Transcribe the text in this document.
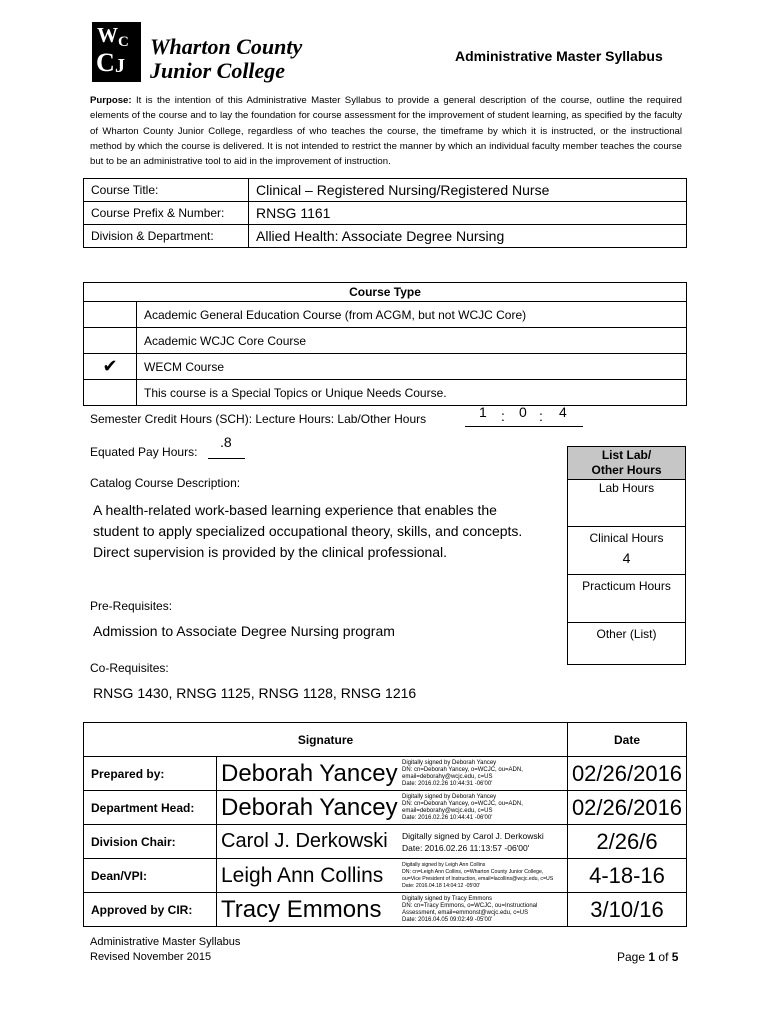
W C
C J
Wharton County
Junior College
Administrative Master Syllabus
Purpose: It is the intention of this Administrative Master Syllabus to provide a general description of the course, outline the required elements of the course and to lay the foundation for course assessment for the improvement of student learning, as specified by the faculty of Wharton County Junior College, regardless of who teaches the course, the timeframe by which it is instructed, or the instructional method by which the course is delivered. It is not intended to restrict the manner by which an individual faculty member teaches the course but to be an administrative tool to aid in the improvement of instruction.
Course Title:	Clinical – Registered Nursing/Registered Nurse
Course Prefix & Number:	RNSG 1161
Division & Department:	Allied Health: Associate Degree Nursing
Course Type	
	Academic General Education Course (from ACGM, but not WCJC Core)
	Academic WCJC Core Course
✔	WECM Course
	This course is a Special Topics or Unique Needs Course.
Semester Credit Hours (SCH): Lecture Hours: Lab/Other Hours	1 : 0 : 4
Equated Pay Hours:
.8
Catalog Course Description:
A health-related work-based learning experience that enables the
student to apply specialized occupational theory, skills, and concepts.
Direct supervision is provided by the clinical professional.
List Lab/
Other Hours
Lab Hours
Clinical Hours
4
Practicum Hours
Other (List)
Pre-Requisites:
Admission to Associate Degree Nursing program
Co-Requisites:
RNSG 1430, RNSG 1125, RNSG 1128, RNSG 1216
Signature			Date
Prepared by:	Deborah Yancey	Digitally signed by Deborah Yancey
DN: cn=Deborah Yancey, o=WCJC, ou=ADN,
email=deborahy@wcjc.edu, c=US
Date: 2016.02.26 10:44:31 -06'00'	02/26/2016
Department Head:	Deborah Yancey	Digitally signed by Deborah Yancey
DN: cn=Deborah Yancey, o=WCJC, ou=ADN,
email=deborahy@wcjc.edu, c=US
Date: 2016.02.26 10:44:41 -06'00'	02/26/2016
Division Chair:	Carol J. Derkowski	Digitally signed by Carol J. Derkowski
Date: 2016.02.26 11:13:57 -06'00'	2/26/6
Dean/VPI:	Leigh Ann Collins	Digitally signed by Leigh Ann Collins
DN: cn=Leigh Ann Collins, o=Wharton County Junior College,
ou=Vice President of Instruction, email=lacollins@wcjc.edu, c=US
Date: 2016.04.18 14:04:12 -05'00'	4-18-16
Approved by CIR:	Tracy Emmons	Digitally signed by Tracy Emmons
DN: cn=Tracy Emmons, o=WCJC, ou=Instructional
Assessment, email=emmonst@wcjc.edu, c=US
Date: 2016.04.05 09:02:49 -05'00'	3/10/16
Administrative Master Syllabus
Revised November 2015	Page 1 of 5
